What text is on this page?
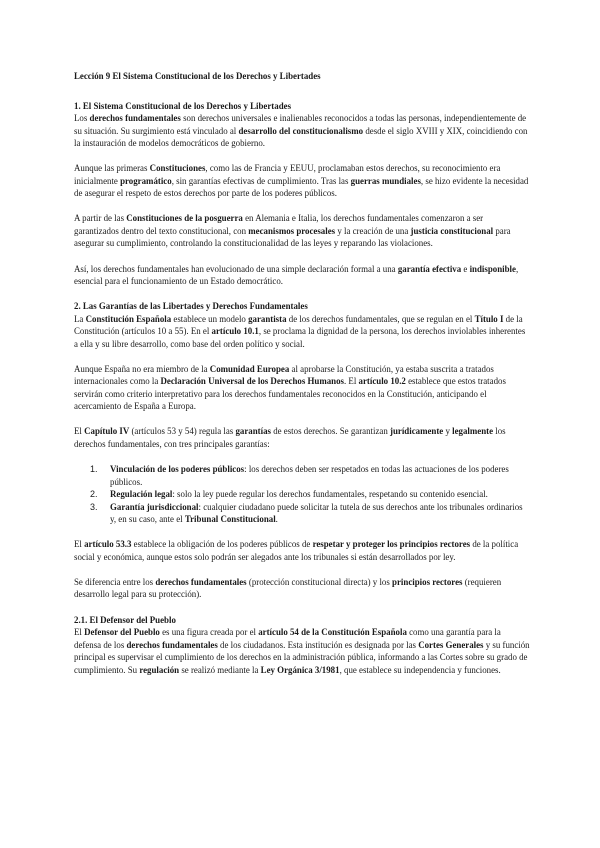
Lección 9 El Sistema Constitucional de los Derechos y Libertades
1. El Sistema Constitucional de los Derechos y Libertades

Los derechos fundamentales son derechos universales e inalienables reconocidos a todas las personas, independientemente de su situación. Su surgimiento está vinculado al desarrollo del constitucionalismo desde el siglo XVIII y XIX, coincidiendo con la instauración de modelos democráticos de gobierno.

Aunque las primeras Constituciones, como las de Francia y EEUU, proclamaban estos derechos, su reconocimiento era inicialmente programático, sin garantías efectivas de cumplimiento. Tras las guerras mundiales, se hizo evidente la necesidad de asegurar el respeto de estos derechos por parte de los poderes públicos.

A partir de las Constituciones de la posguerra en Alemania e Italia, los derechos fundamentales comenzaron a ser garantizados dentro del texto constitucional, con mecanismos procesales y la creación de una justicia constitucional para asegurar su cumplimiento, controlando la constitucionalidad de las leyes y reparando las violaciones.

Así, los derechos fundamentales han evolucionado de una simple declaración formal a una garantía efectiva e indisponible, esencial para el funcionamiento de un Estado democrático.

2. Las Garantías de las Libertades y Derechos Fundamentales

La Constitución Española establece un modelo garantista de los derechos fundamentales, que se regulan en el Título I de la Constitución (artículos 10 a 55). En el artículo 10.1, se proclama la dignidad de la persona, los derechos inviolables inherentes a ella y su libre desarrollo, como base del orden político y social.

Aunque España no era miembro de la Comunidad Europea al aprobarse la Constitución, ya estaba suscrita a tratados internacionales como la Declaración Universal de los Derechos Humanos. El artículo 10.2 establece que estos tratados servirán como criterio interpretativo para los derechos fundamentales reconocidos en la Constitución, anticipando el acercamiento de España a Europa.

El Capítulo IV (artículos 53 y 54) regula las garantías de estos derechos. Se garantizan jurídicamente y legalmente los derechos fundamentales, con tres principales garantías:

1. Vinculación de los poderes públicos: los derechos deben ser respetados en todas las actuaciones de los poderes públicos.
2. Regulación legal: solo la ley puede regular los derechos fundamentales, respetando su contenido esencial.
3. Garantía jurisdiccional: cualquier ciudadano puede solicitar la tutela de sus derechos ante los tribunales ordinarios y, en su caso, ante el Tribunal Constitucional.

El artículo 53.3 establece la obligación de los poderes públicos de respetar y proteger los principios rectores de la política social y económica, aunque estos solo podrán ser alegados ante los tribunales si están desarrollados por ley.

Se diferencia entre los derechos fundamentales (protección constitucional directa) y los principios rectores (requieren desarrollo legal para su protección).

2.1. El Defensor del Pueblo

El Defensor del Pueblo es una figura creada por el artículo 54 de la Constitución Española como una garantía para la defensa de los derechos fundamentales de los ciudadanos. Esta institución es designada por las Cortes Generales y su función principal es supervisar el cumplimiento de los derechos en la administración pública, informando a las Cortes sobre su grado de cumplimiento. Su regulación se realizó mediante la Ley Orgánica 3/1981, que establece su independencia y funciones.
